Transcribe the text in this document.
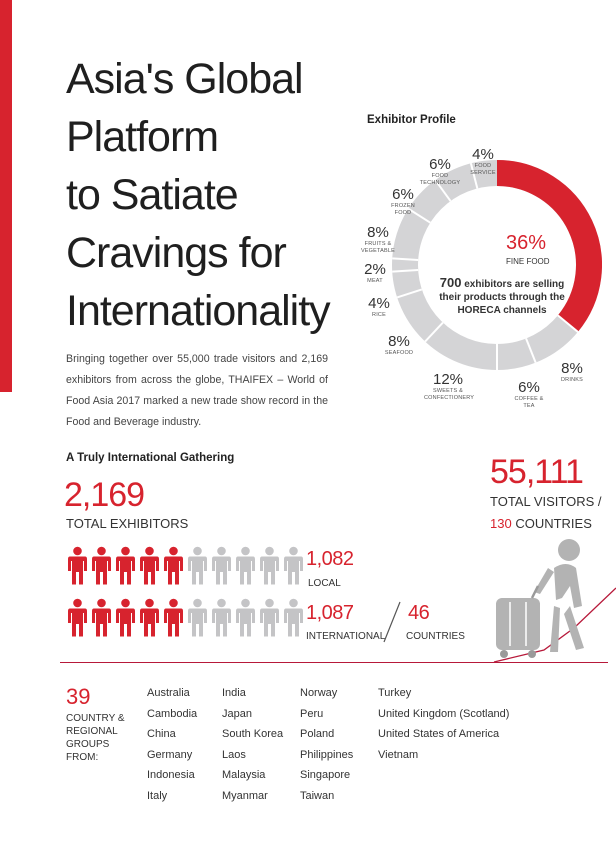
Asia's Global
Platform
to Satiate
Cravings for
Internationality
Bringing together over 55,000 trade visitors and 2,169 exhibitors from across the globe, THAIFEX – World of Food Asia 2017 marked a new trade show record in the Food and Beverage industry.
Exhibitor Profile
36%
FINE FOOD
700 exhibitors are selling their products through the HORECA channels
6%
FOOD TECHNOLOGY
4%
FOOD SERVICE
6%
FROZEN FOOD
8%
FRUITS & VEGETABLE
2%
MEAT
4%
RICE
8%
SEAFOOD
12%
SWEETS & CONFECTIONERY
6%
COFFEE & TEA
8%
DRINKS
A Truly International Gathering
2,169
TOTAL EXHIBITORS
55,111
TOTAL VISITORS /
130 COUNTRIES
1,082
LOCAL
1,087
INTERNATIONAL
46
COUNTRIES
39
COUNTRY & REGIONAL GROUPS FROM:
Australia
Cambodia
China
Germany
Indonesia
Italy
India
Japan
South Korea
Laos
Malaysia
Myanmar
Norway
Peru
Poland
Philippines
Singapore
Taiwan
Turkey
United Kingdom (Scotland)
United States of America
Vietnam
